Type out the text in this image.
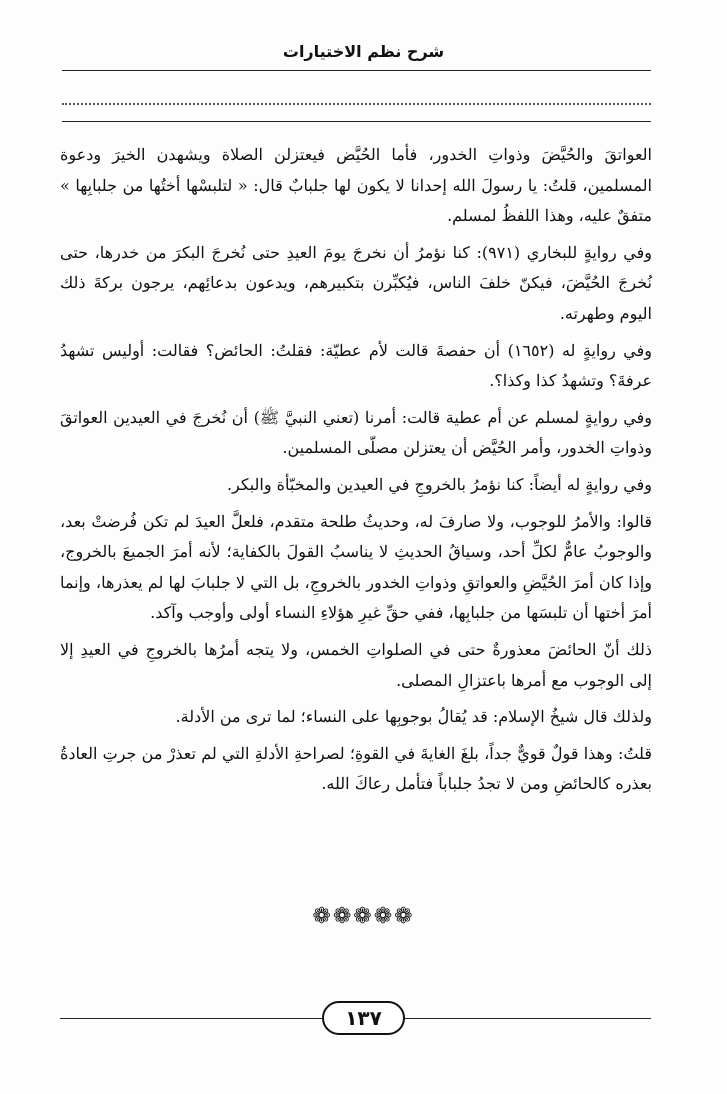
شرح نظم الاختيارات

العواتقَ والحُيَّضَ وذواتِ الخدور، فأما الحُيَّض فيعتزلن الصلاة ويشهدن الخيرَ ودعوة المسلمين، قلتُ: يا رسولَ الله إحدانا لا يكون لها جلبابٌ قال: « لتلبسْها أختُها من جلبابِها » متفقٌ عليه، وهذا اللفظُ لمسلم.

وفي روايةٍ للبخاري (٩٧١): كنا نؤمرُ أن نخرجَ يومَ العيدِ حتى نُخرجَ البكرَ من خدرها، حتى نُخرجَ الحُيَّضَ، فيكنّ خلفَ الناس، فيُكبِّرن بتكبيرهم، ويدعون بدعائِهم، يرجون بركةَ ذلك اليوم وطهرته.

وفي روايةٍ له (١٦٥٢) أن حفصةَ قالت لأم عطيّة: فقلتُ: الحائض؟ فقالت: أوليس تشهدُ عرفةَ؟ وتشهدُ كذا وكذا؟.

وفي روايةٍ لمسلم عن أم عطية قالت: أمرنا (تعني النبيَّ ﷺ) أن نُخرجَ في العيدين العواتقَ وذواتِ الخدور، وأمر الحُيَّض أن يعتزلن مصلّى المسلمين.

وفي روايةٍ له أيضاً: كنا نؤمرُ بالخروجِ في العيدين والمخبّأة والبكر.

قالوا: والأمرُ للوجوب، ولا صارفَ له، وحديثُ طلحة متقدم، فلعلَّ العيدَ لم تكن فُرضتْ بعد، والوجوبُ عامٌّ لكلِّ أحد، وسياقُ الحديثِ لا يناسبُ القولَ بالكفاية؛ لأنه أمرَ الجميعَ بالخروج، وإذا كان أمرَ الحُيَّضِ والعواتقِ وذواتِ الخدور بالخروجِ، بل التي لا جلبابَ لها لم يعذرها، وإنما أمرَ أختها أن تلبسَها من جلبابِها، ففي حقِّ غيرِ هؤلاءِ النساء أولى وأوجب وآكد.

ذلك أنّ الحائضَ معذورةٌ حتى في الصلواتِ الخمس، ولا يتجه أمرُها بالخروجِ في العيدِ إلا إلى الوجوب مع أمرها باعتزالِ المصلى.

ولذلك قال شيخُ الإسلام: قد يُقالُ بوجوبِها على النساء؛ لما ترى من الأدلة.

قلتُ: وهذا قولٌ قويٌّ جداً، بلغَ الغايةَ في القوةِ؛ لصراحةِ الأدلةِ التي لم تعذرْ من جرتِ العادةُ بعذره كالحائضِ ومن لا تجدُ جلباباً فتأمل رعاكَ الله.

❁❁❁❁❁
١٣٧
